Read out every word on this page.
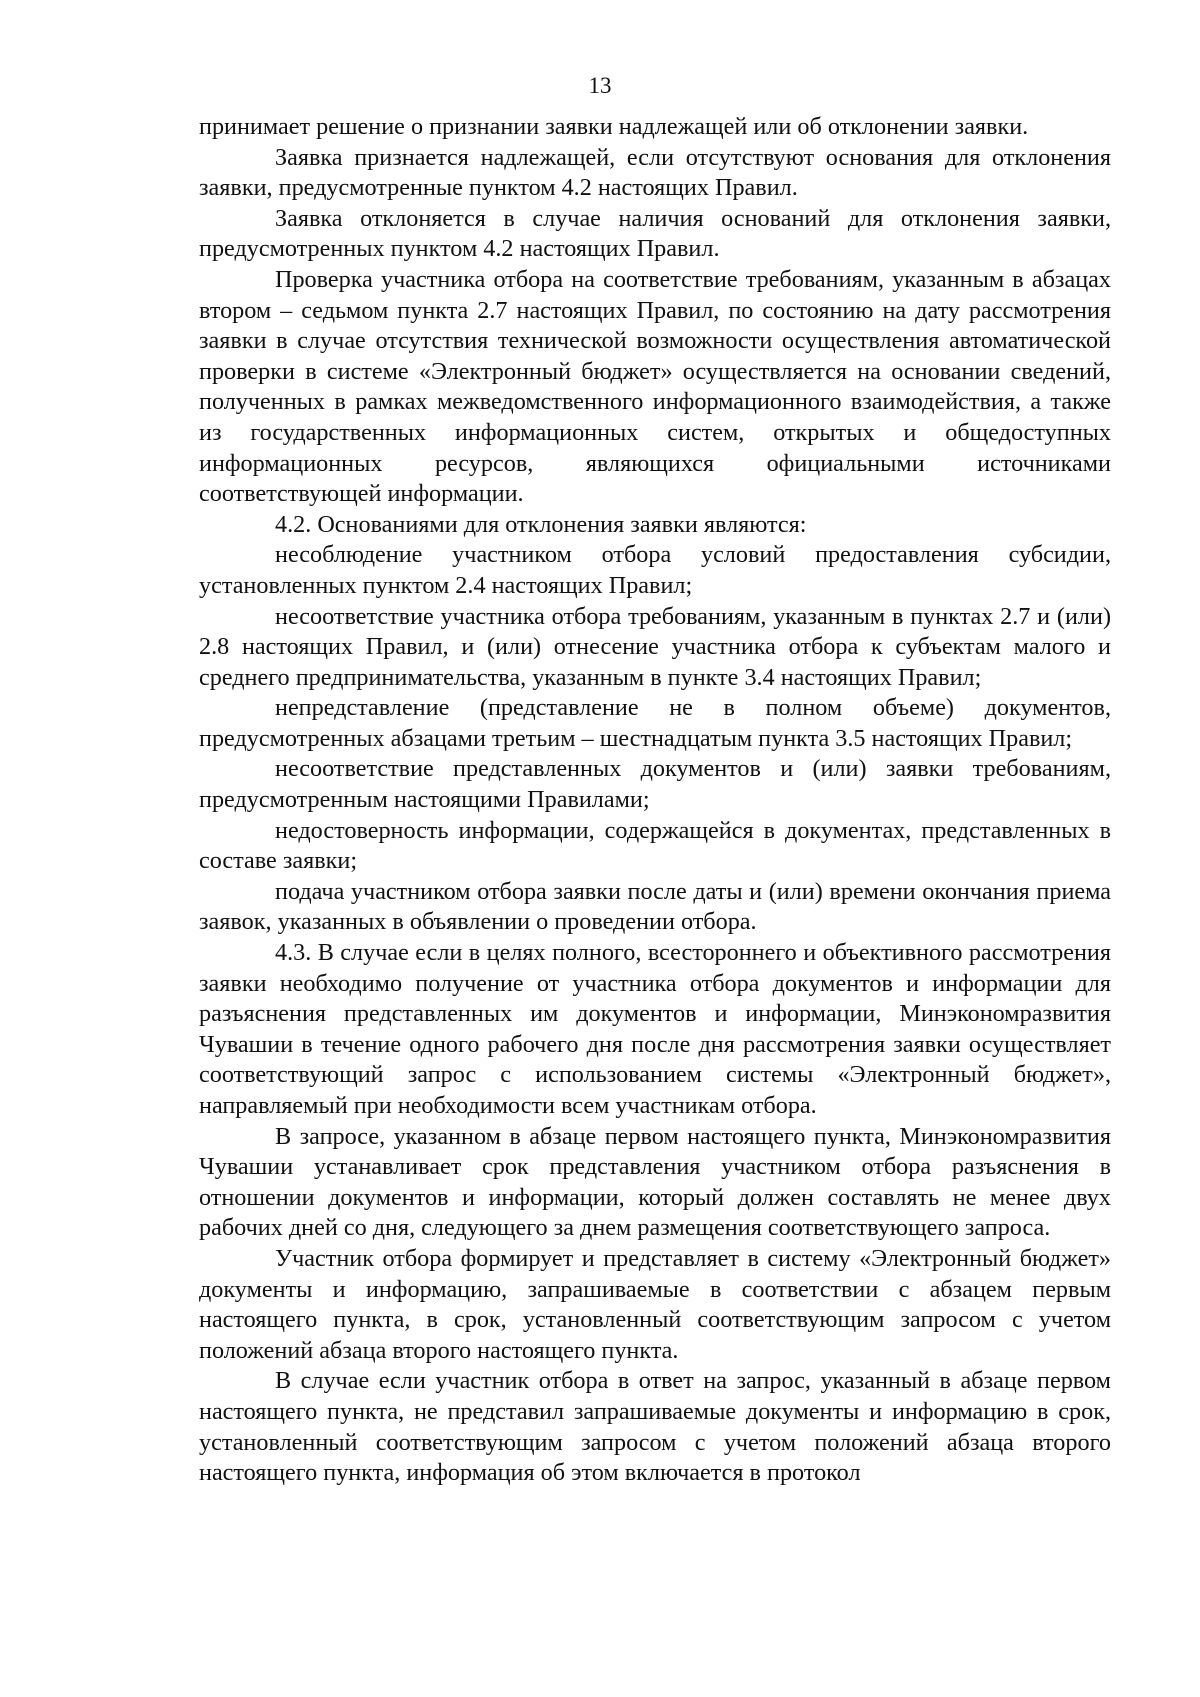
13

принимает решение о признании заявки надлежащей или об отклонении заявки.

Заявка признается надлежащей, если отсутствуют основания для отклонения заявки, предусмотренные пунктом 4.2 настоящих Правил.

Заявка отклоняется в случае наличия оснований для отклонения заявки, предусмотренных пунктом 4.2 настоящих Правил.

Проверка участника отбора на соответствие требованиям, указанным в абзацах втором – седьмом пункта 2.7 настоящих Правил, по состоянию на дату рассмотрения заявки в случае отсутствия технической возможности осуществления автоматической проверки в системе «Электронный бюджет» осуществляется на основании сведений, полученных в рамках межведомственного информационного взаимодействия, а также из государственных информационных систем, открытых и общедоступных информационных ресурсов, являющихся официальными источниками соответствующей информации.

4.2. Основаниями для отклонения заявки являются:

несоблюдение участником отбора условий предоставления субсидии, установленных пунктом 2.4 настоящих Правил;

несоответствие участника отбора требованиям, указанным в пунктах 2.7 и (или) 2.8 настоящих Правил, и (или) отнесение участника отбора к субъектам малого и среднего предпринимательства, указанным в пункте 3.4 настоящих Правил;

непредставление (представление не в полном объеме) документов, предусмотренных абзацами третьим – шестнадцатым пункта 3.5 настоящих Правил;

несоответствие представленных документов и (или) заявки требованиям, предусмотренным настоящими Правилами;

недостоверность информации, содержащейся в документах, представленных в составе заявки;

подача участником отбора заявки после даты и (или) времени окончания приема заявок, указанных в объявлении о проведении отбора.

4.3. В случае если в целях полного, всестороннего и объективного рассмотрения заявки необходимо получение от участника отбора документов и информации для разъяснения представленных им документов и информации, Минэкономразвития Чувашии в течение одного рабочего дня после дня рассмотрения заявки осуществляет соответствующий запрос с использованием системы «Электронный бюджет», направляемый при необходимости всем участникам отбора.

В запросе, указанном в абзаце первом настоящего пункта, Минэкономразвития Чувашии устанавливает срок представления участником отбора разъяснения в отношении документов и информации, который должен составлять не менее двух рабочих дней со дня, следующего за днем размещения соответствующего запроса.

Участник отбора формирует и представляет в систему «Электронный бюджет» документы и информацию, запрашиваемые в соответствии с абзацем первым настоящего пункта, в срок, установленный соответствующим запросом с учетом положений абзаца второго настоящего пункта.

В случае если участник отбора в ответ на запрос, указанный в абзаце первом настоящего пункта, не представил запрашиваемые документы и информацию в срок, установленный соответствующим запросом с учетом положений абзаца второго настоящего пункта, информация об этом включается в протокол
